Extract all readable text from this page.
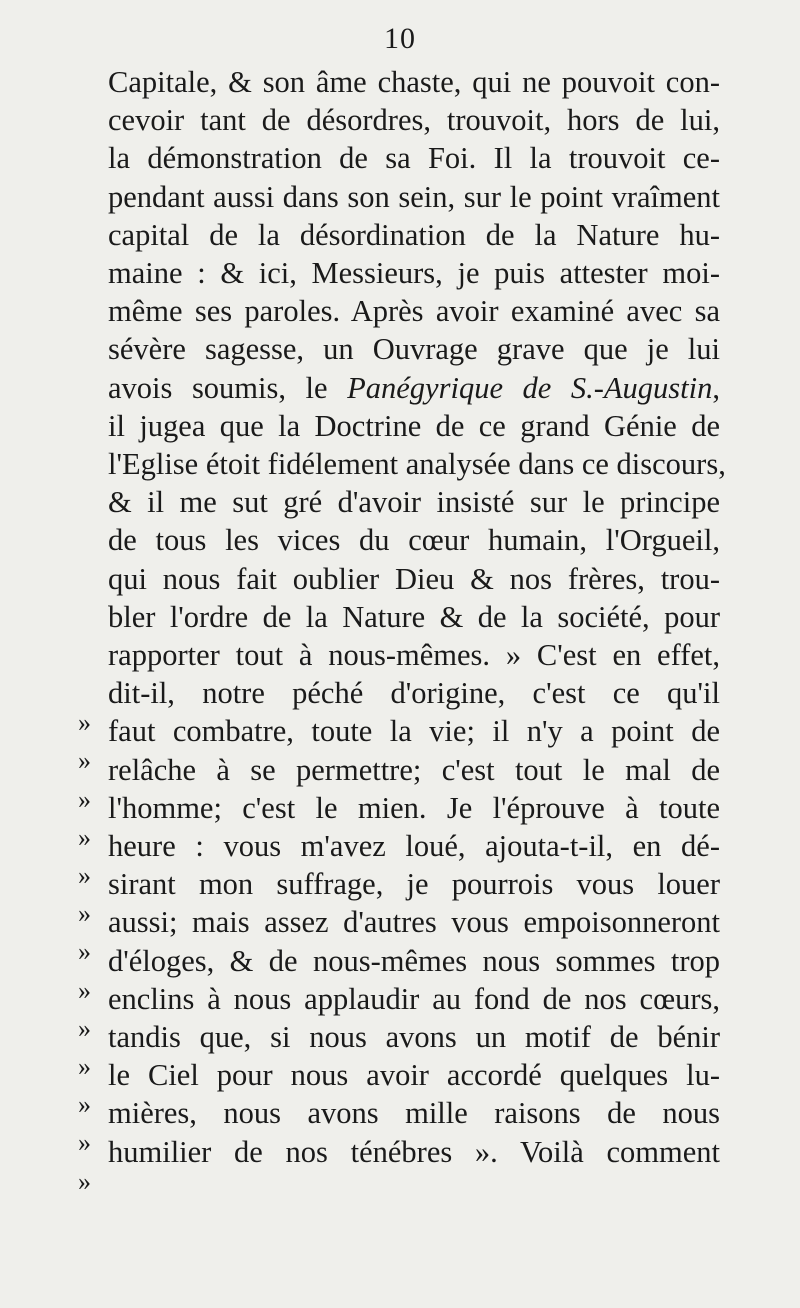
10
Capitale, & son âme chaste, qui ne pouvoit con-
cevoir tant de désordres, trouvoit, hors de lui,
la démonstration de sa Foi. Il la trouvoit ce-
pendant aussi dans son sein, sur le point vraîment
capital de la désordination de la Nature hu-
maine : & ici, Messieurs, je puis attester moi-
même ses paroles. Après avoir examiné avec sa
sévère sagesse, un Ouvrage grave que je lui
avois soumis, le Panégyrique de S.-Augustin,
il jugea que la Doctrine de ce grand Génie de
l'Eglise étoit fidélement analysée dans ce discours,
& il me sut gré d'avoir insisté sur le principe
de tous les vices du cœur humain, l'Orgueil,
qui nous fait oublier Dieu & nos frères, trou-
bler l'ordre de la Nature & de la société, pour
rapporter tout à nous-mêmes. » C'est en effet,
»
dit-il, notre péché d'origine, c'est ce qu'il
»
faut combatre, toute la vie; il n'y a point de
»
relâche à se permettre; c'est tout le mal de
»
l'homme; c'est le mien. Je l'éprouve à toute
»
heure : vous m'avez loué, ajouta-t-il, en dé-
»
sirant mon suffrage, je pourrois vous louer
»
aussi; mais assez d'autres vous empoisonneront
»
d'éloges, & de nous-mêmes nous sommes trop
»
enclins à nous applaudir au fond de nos cœurs,
»
tandis que, si nous avons un motif de bénir
»
le Ciel pour nous avoir accordé quelques lu-
»
mières, nous avons mille raisons de nous
»
humilier de nos ténébres ». Voilà comment
